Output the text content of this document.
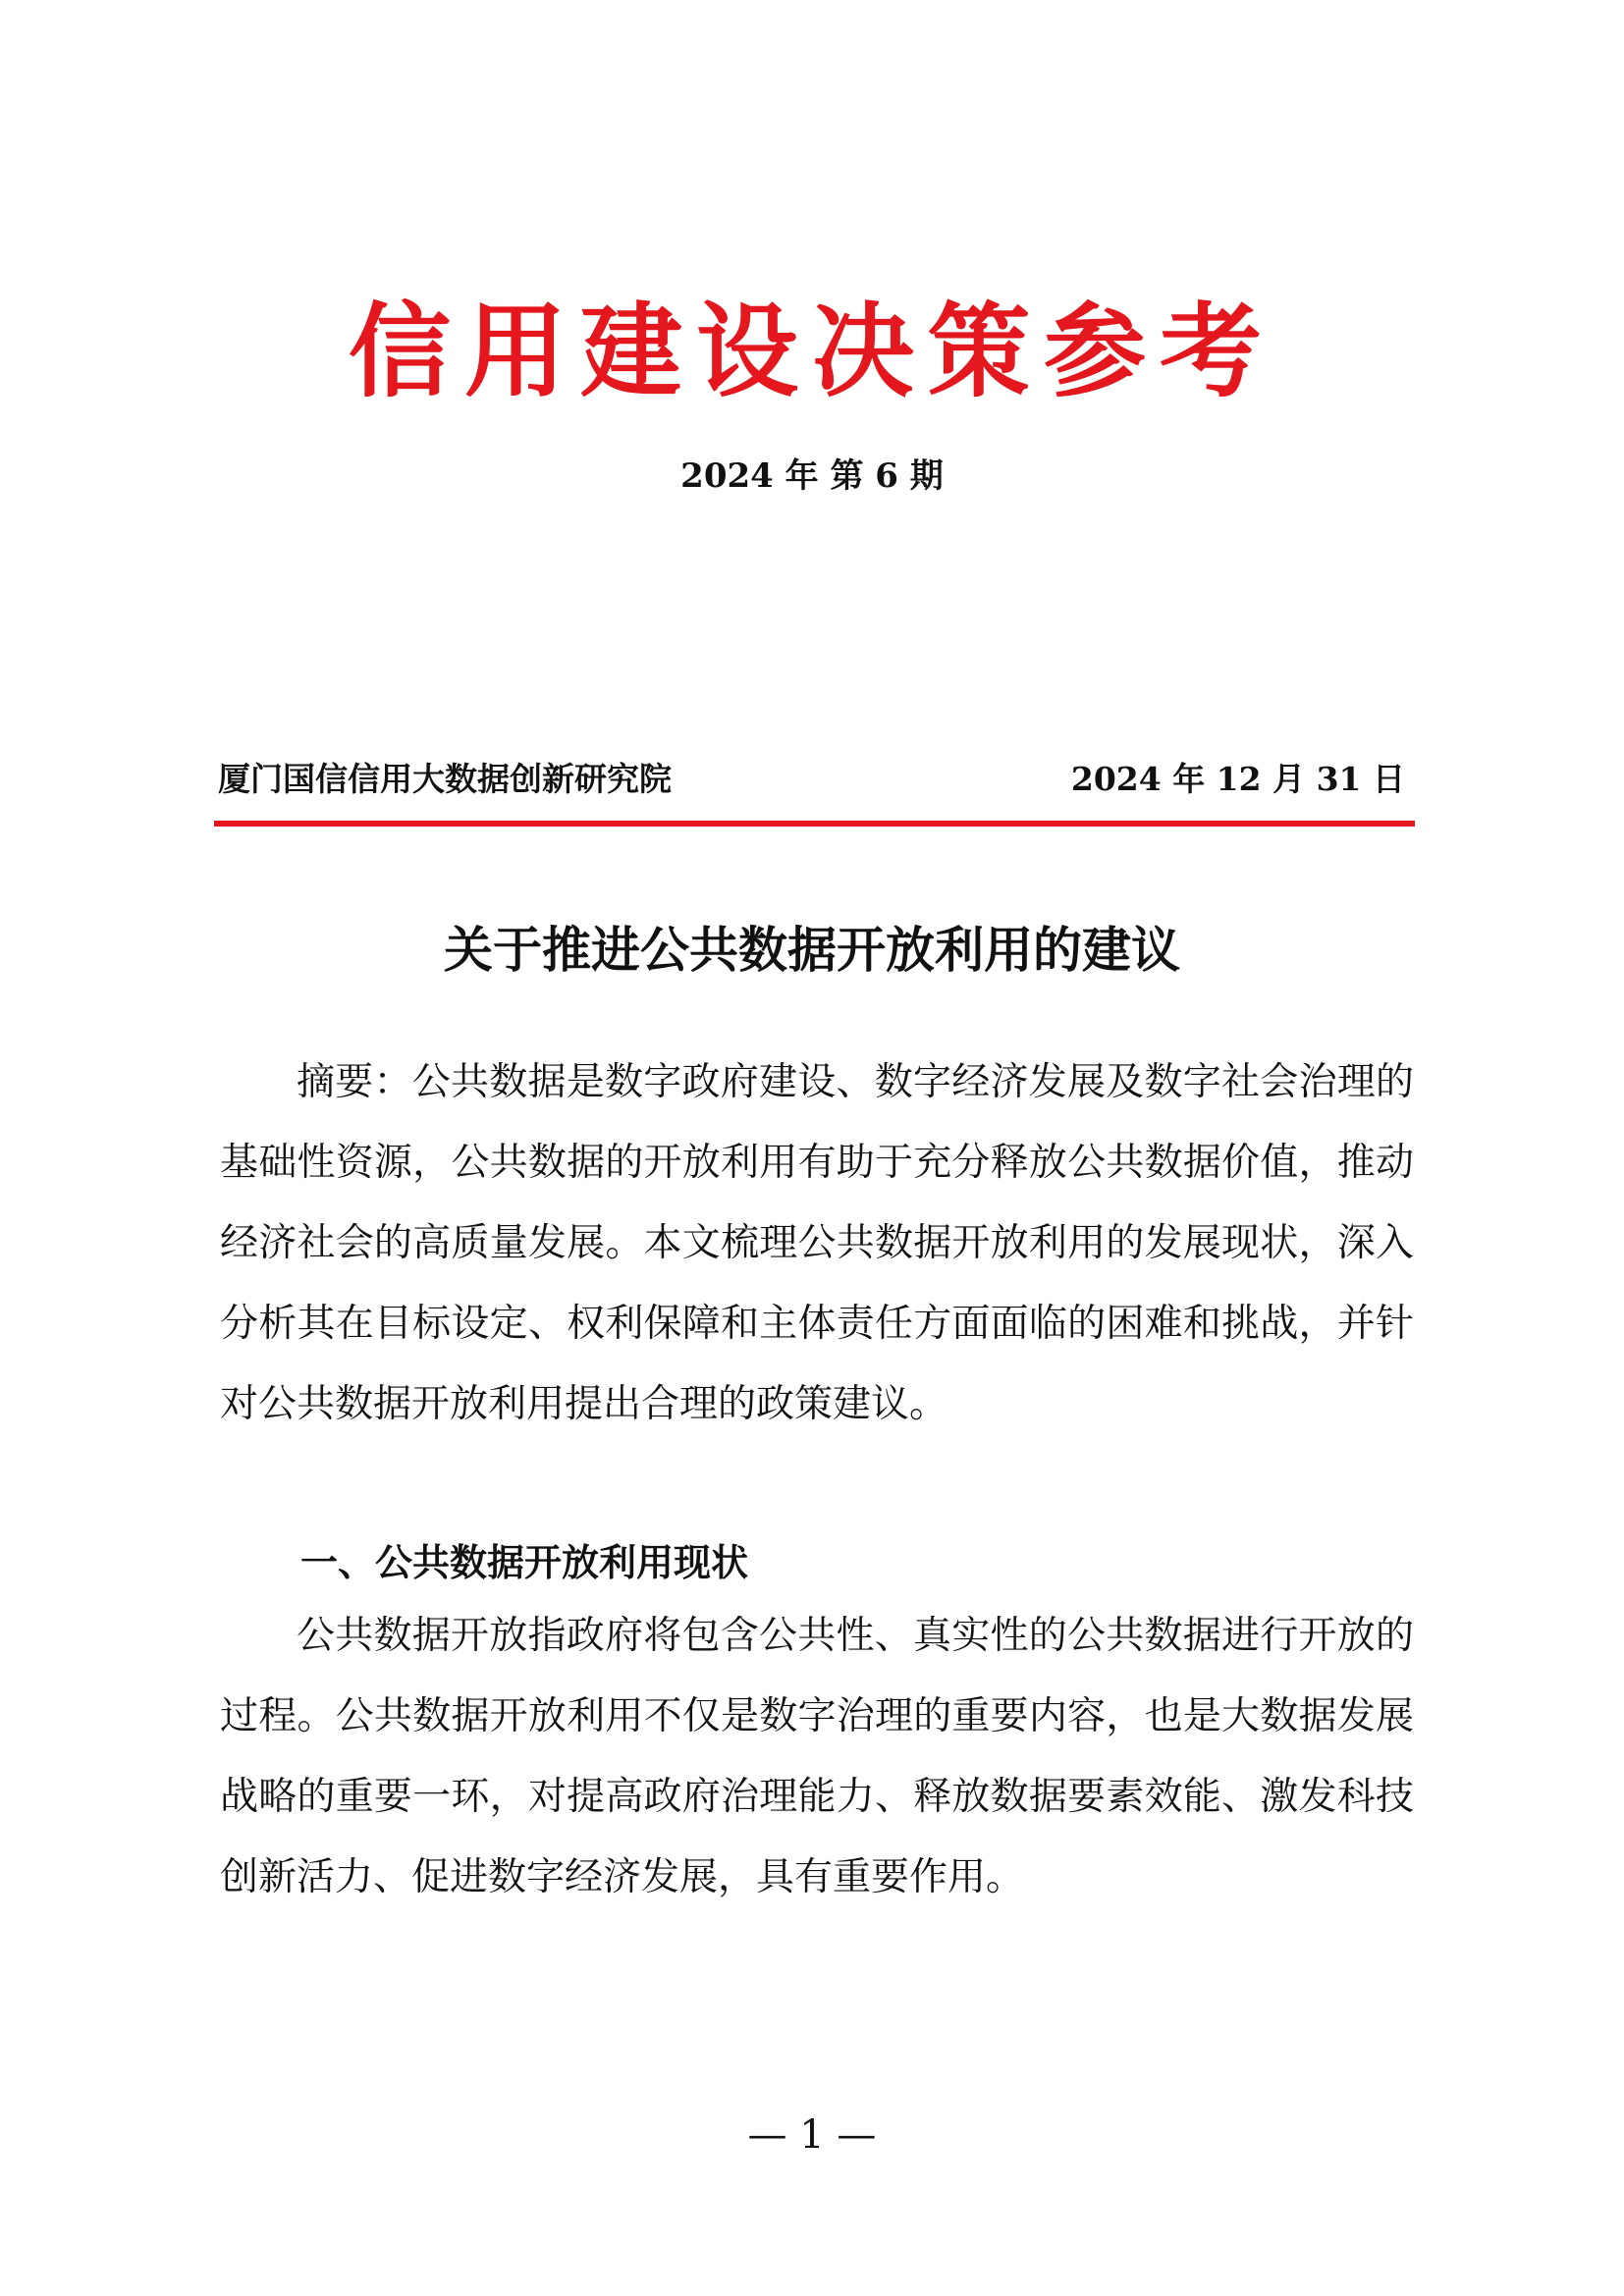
信用建设决策参考
2024 年 第 6 期
厦门国信信用大数据创新研究院	2024 年 12 月 31 日
关于推进公共数据开放利用的建议

摘要：公共数据是数字政府建设、数字经济发展及数字社会治理的基础性资源，公共数据的开放利用有助于充分释放公共数据价值，推动经济社会的高质量发展。本文梳理公共数据开放利用的发展现状，深入分析其在目标设定、权利保障和主体责任方面面临的困难和挑战，并针对公共数据开放利用提出合理的政策建议。

一、公共数据开放利用现状

公共数据开放指政府将包含公共性、真实性的公共数据进行开放的过程。公共数据开放利用不仅是数字治理的重要内容，也是大数据发展战略的重要一环，对提高政府治理能力、释放数据要素效能、激发科技创新活力、促进数字经济发展，具有重要作用。

— 1 —
